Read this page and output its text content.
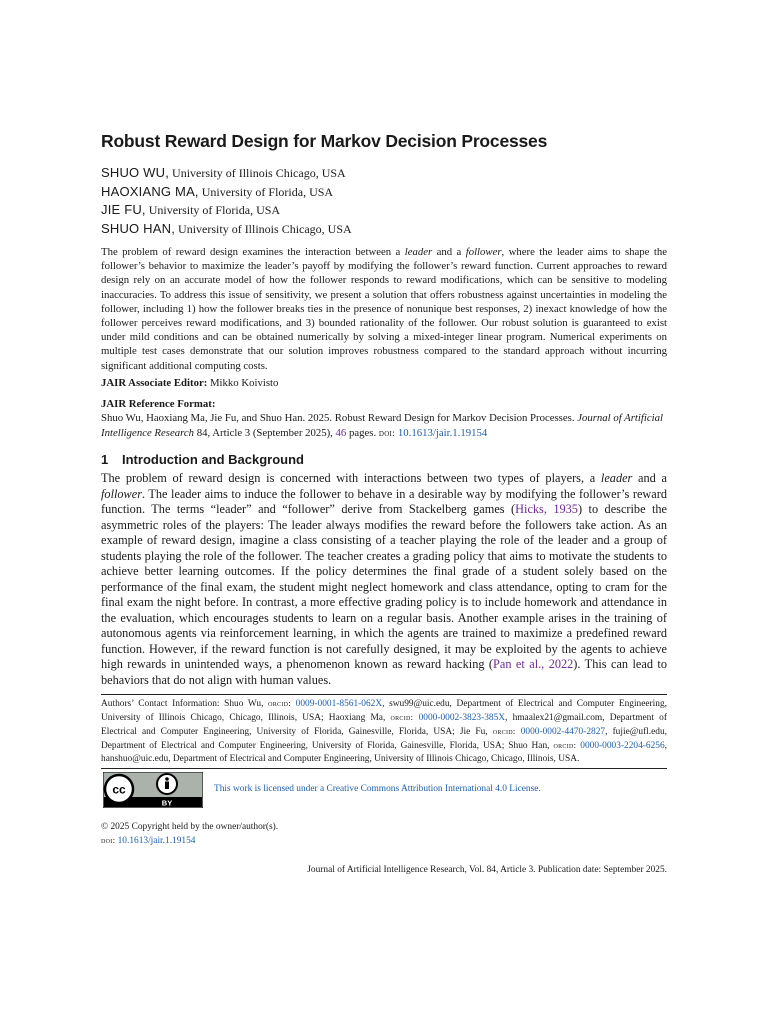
Robust Reward Design for Markov Decision Processes
SHUO WU, University of Illinois Chicago, USA
HAOXIANG MA, University of Florida, USA
JIE FU, University of Florida, USA
SHUO HAN, University of Illinois Chicago, USA

The problem of reward design examines the interaction between a leader and a follower, where the leader aims to shape the follower’s behavior to maximize the leader’s payoff by modifying the follower’s reward function. Current approaches to reward design rely on an accurate model of how the follower responds to reward modifications, which can be sensitive to modeling inaccuracies. To address this issue of sensitivity, we present a solution that offers robustness against uncertainties in modeling the follower, including 1) how the follower breaks ties in the presence of nonunique best responses, 2) inexact knowledge of how the follower perceives reward modifications, and 3) bounded rationality of the follower. Our robust solution is guaranteed to exist under mild conditions and can be obtained numerically by solving a mixed-integer linear program. Numerical experiments on multiple test cases demonstrate that our solution improves robustness compared to the standard approach without incurring significant additional computing costs.

JAIR Associate Editor: Mikko Koivisto
JAIR Reference Format:

Shuo Wu, Haoxiang Ma, Jie Fu, and Shuo Han. 2025. Robust Reward Design for Markov Decision Processes. Journal of Artificial Intelligence Research 84, Article 3 (September 2025), 46 pages. doi: 10.1613/jair.1.19154

1 Introduction and Background

The problem of reward design is concerned with interactions between two types of players, a leader and a follower. The leader aims to induce the follower to behave in a desirable way by modifying the follower’s reward function. The terms “leader” and “follower” derive from Stackelberg games (Hicks, 1935) to describe the asymmetric roles of the players: The leader always modifies the reward before the followers take action. As an example of reward design, imagine a class consisting of a teacher playing the role of the leader and a group of students playing the role of the follower. The teacher creates a grading policy that aims to motivate the students to achieve better learning outcomes. If the policy determines the final grade of a student solely based on the performance of the final exam, the student might neglect homework and class attendance, opting to cram for the final exam the night before. In contrast, a more effective grading policy is to include homework and attendance in the evaluation, which encourages students to learn on a regular basis. Another example arises in the training of autonomous agents via reinforcement learning, in which the agents are trained to maximize a predefined reward function. However, if the reward function is not carefully designed, it may be exploited by the agents to achieve high rewards in unintended ways, a phenomenon known as reward hacking (Pan et al., 2022). This can lead to behaviors that do not align with human values.

Authors’ Contact Information: Shuo Wu, orcid: 0009-0001-8561-062X, swu99@uic.edu, Department of Electrical and Computer Engineering, University of Illinois Chicago, Chicago, Illinois, USA; Haoxiang Ma, orcid: 0000-0002-3823-385X, hmaalex21@gmail.com, Department of Electrical and Computer Engineering, University of Florida, Gainesville, Florida, USA; Jie Fu, orcid: 0000-0002-4470-2827, fujie@ufl.edu, Department of Electrical and Computer Engineering, University of Florida, Gainesville, Florida, USA; Shuo Han, orcid: 0000-0003-2204-6256, hanshuo@uic.edu, Department of Electrical and Computer Engineering, University of Illinois Chicago, Chicago, Illinois, USA.

cc
BY
This work is licensed under a Creative Commons Attribution International 4.0 License.
© 2025 Copyright held by the owner/author(s).
doi: 10.1613/jair.1.19154
Journal of Artificial Intelligence Research, Vol. 84, Article 3. Publication date: September 2025.
